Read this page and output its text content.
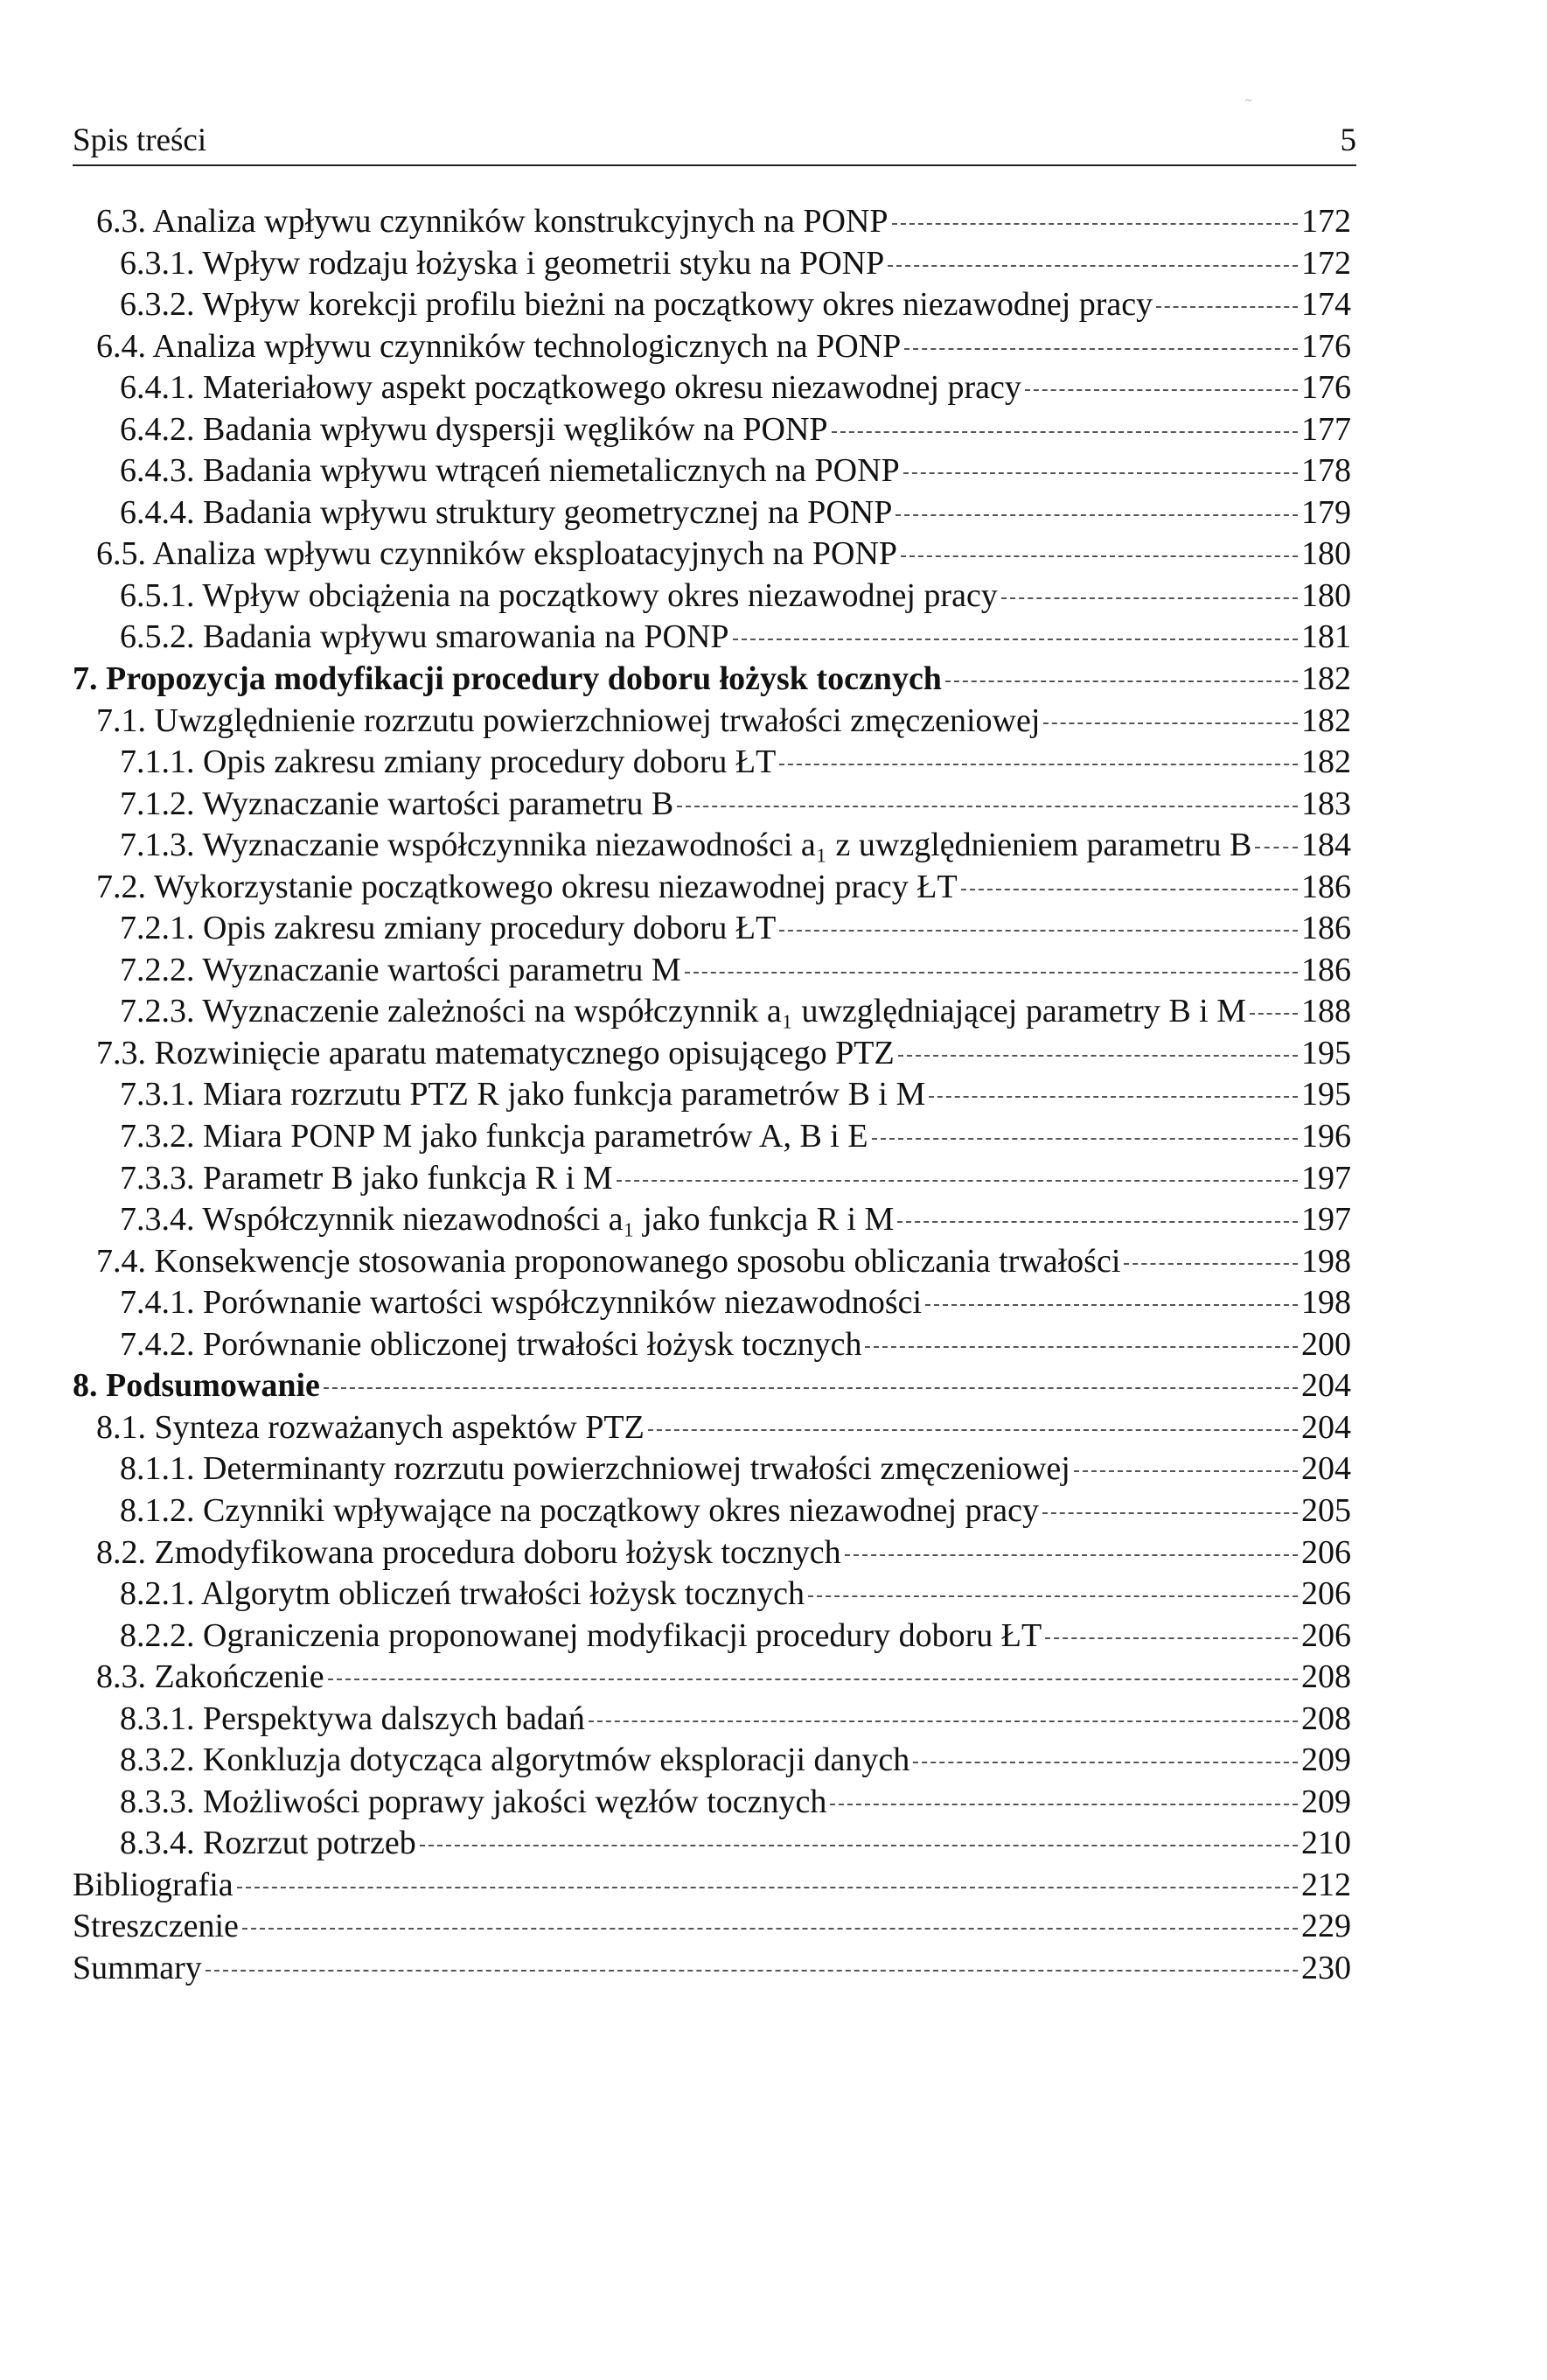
Spis treści	5
~
6.3. Analiza wpływu czynników konstrukcyjnych na PONP	172
6.3.1. Wpływ rodzaju łożyska i geometrii styku na PONP	172
6.3.2. Wpływ korekcji profilu bieżni na początkowy okres niezawodnej pracy	174
6.4. Analiza wpływu czynników technologicznych na PONP	176
6.4.1. Materiałowy aspekt początkowego okresu niezawodnej pracy	176
6.4.2. Badania wpływu dyspersji węglików na PONP	177
6.4.3. Badania wpływu wtrąceń niemetalicznych na PONP	178
6.4.4. Badania wpływu struktury geometrycznej na PONP	179
6.5. Analiza wpływu czynników eksploatacyjnych na PONP	180
6.5.1. Wpływ obciążenia na początkowy okres niezawodnej pracy	180
6.5.2. Badania wpływu smarowania na PONP	181
7. Propozycja modyfikacji procedury doboru łożysk tocznych	182
7.1. Uwzględnienie rozrzutu powierzchniowej trwałości zmęczeniowej	182
7.1.1. Opis zakresu zmiany procedury doboru ŁT	182
7.1.2. Wyznaczanie wartości parametru B	183
7.1.3. Wyznaczanie współczynnika niezawodności a₁ z uwzględnieniem parametru B 184
7.2. Wykorzystanie początkowego okresu niezawodnej pracy ŁT	186
7.2.1. Opis zakresu zmiany procedury doboru ŁT	186
7.2.2. Wyznaczanie wartości parametru M	186
7.2.3. Wyznaczenie zależności na współczynnik a₁ uwzględniającej parametry B i M 188
7.3. Rozwinięcie aparatu matematycznego opisującego PTZ	195
7.3.1. Miara rozrzutu PTZ R jako funkcja parametrów B i M	195
7.3.2. Miara PONP M jako funkcja parametrów A, B i E	196
7.3.3. Parametr B jako funkcja R i M	197
7.3.4. Współczynnik niezawodności a₁ jako funkcja R i M	197
7.4. Konsekwencje stosowania proponowanego sposobu obliczania trwałości	198
7.4.1. Porównanie wartości współczynników niezawodności	198
7.4.2. Porównanie obliczonej trwałości łożysk tocznych	200
8. Podsumowanie	204
8.1. Synteza rozważanych aspektów PTZ	204
8.1.1. Determinanty rozrzutu powierzchniowej trwałości zmęczeniowej	204
8.1.2. Czynniki wpływające na początkowy okres niezawodnej pracy	205
8.2. Zmodyfikowana procedura doboru łożysk tocznych	206
8.2.1. Algorytm obliczeń trwałości łożysk tocznych	206
8.2.2. Ograniczenia proponowanej modyfikacji procedury doboru ŁT	206
8.3. Zakończenie	208
8.3.1. Perspektywa dalszych badań	208
8.3.2. Konkluzja dotycząca algorytmów eksploracji danych	209
8.3.3. Możliwości poprawy jakości węzłów tocznych	209
8.3.4. Rozrzut potrzeb	210
Bibliografia	212
Streszczenie	229
Summary	230
